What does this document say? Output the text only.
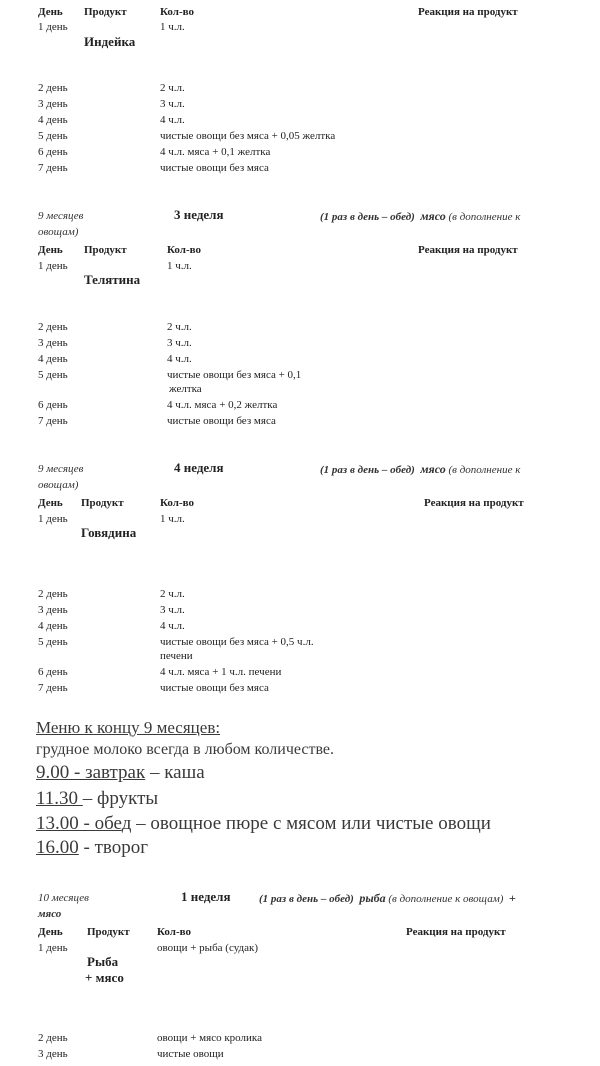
День Продукт	Кол-во	Реакция на продукт
1 день	1 ч.л.
Индейка
2 день	2 ч.л.
3 день	3 ч.л.
4 день	4 ч.л.
5 день	чистые овощи без мяса + 0,05 желтка
6 день	4 ч.л. мяса + 0,1 желтка
7 день	чистые овощи без мяса
9 месяцев	3 неделя	(1 раз в день – обед) мясо (в дополнение к
овощам)
День Продукт	Кол-во	Реакция на продукт
1 день	1 ч.л.
Телятина
2 день	2 ч.л.
3 день	3 ч.л.
4 день	4 ч.л.
5 день	чистые овощи без мяса + 0,1
желтка
6 день	4 ч.л. мяса + 0,2 желтка
7 день	чистые овощи без мяса
9 месяцев	4 неделя	(1 раз в день – обед) мясо (в дополнение к
овощам)
День Продукт	Кол-во	Реакция на продукт
1 день	1 ч.л.
Говядина
2 день	2 ч.л.
3 день	3 ч.л.
4 день	4 ч.л.
5 день	чистые овощи без мяса + 0,5 ч.л.
печени
6 день	4 ч.л. мяса + 1 ч.л. печени
7 день	чистые овощи без мяса
Меню к концу 9 месяцев:
грудное молоко всегда в любом количестве.
9.00 - завтрак – каша
11.30 – фрукты
13.00 - обед – овощное пюре с мясом или чистые овощи
16.00 - творог
10 месяцев	1 неделя	(1 раз в день – обед) рыба (в дополнение к овощам) +
мясо
День Продукт Кол-во	Реакция на продукт
1 день	овощи + рыба (судак)
Рыба
+ мясо
2 день	овощи + мясо кролика
3 день	чистые овощи
